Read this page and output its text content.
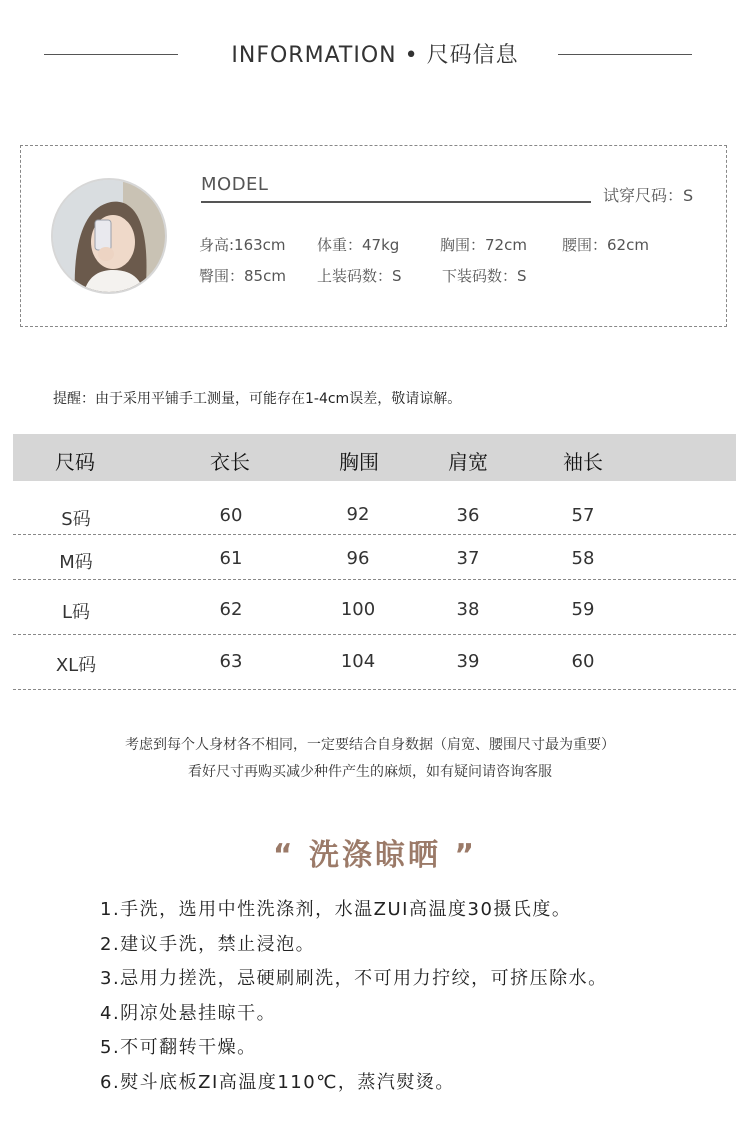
INFORMATION • 尺码信息
MODEL
试穿尺码：S
身高:163cm 体重：47kg	胸围：72cm 腰围：62cm
臀围：85cm 上装码数：S	下装码数：S
提醒：由于采用平铺手工测量，可能存在1-4cm误差，敬请谅解。
尺码	衣长	胸围	肩宽	袖长
S码	60	92	36	57
M码	61	96	37	58
L码	62	100	38	59
XL码	63	104	39	60
考虑到每个人身材各不相同，一定要结合自身数据（肩宽、腰围尺寸最为重要）
看好尺寸再购买减少种件产生的麻烦，如有疑问请咨询客服
“ 洗涤晾晒 ”
1.手洗，选用中性洗涤剂，水温ZUI高温度30摄氏度。
2.建议手洗，禁止浸泡。
3.忌用力搓洗，忌硬刷刷洗，不可用力拧绞，可挤压除水。
4.阴凉处悬挂晾干。
5.不可翻转干燥。
6.熨斗底板ZI高温度110℃，蒸汽熨烫。
